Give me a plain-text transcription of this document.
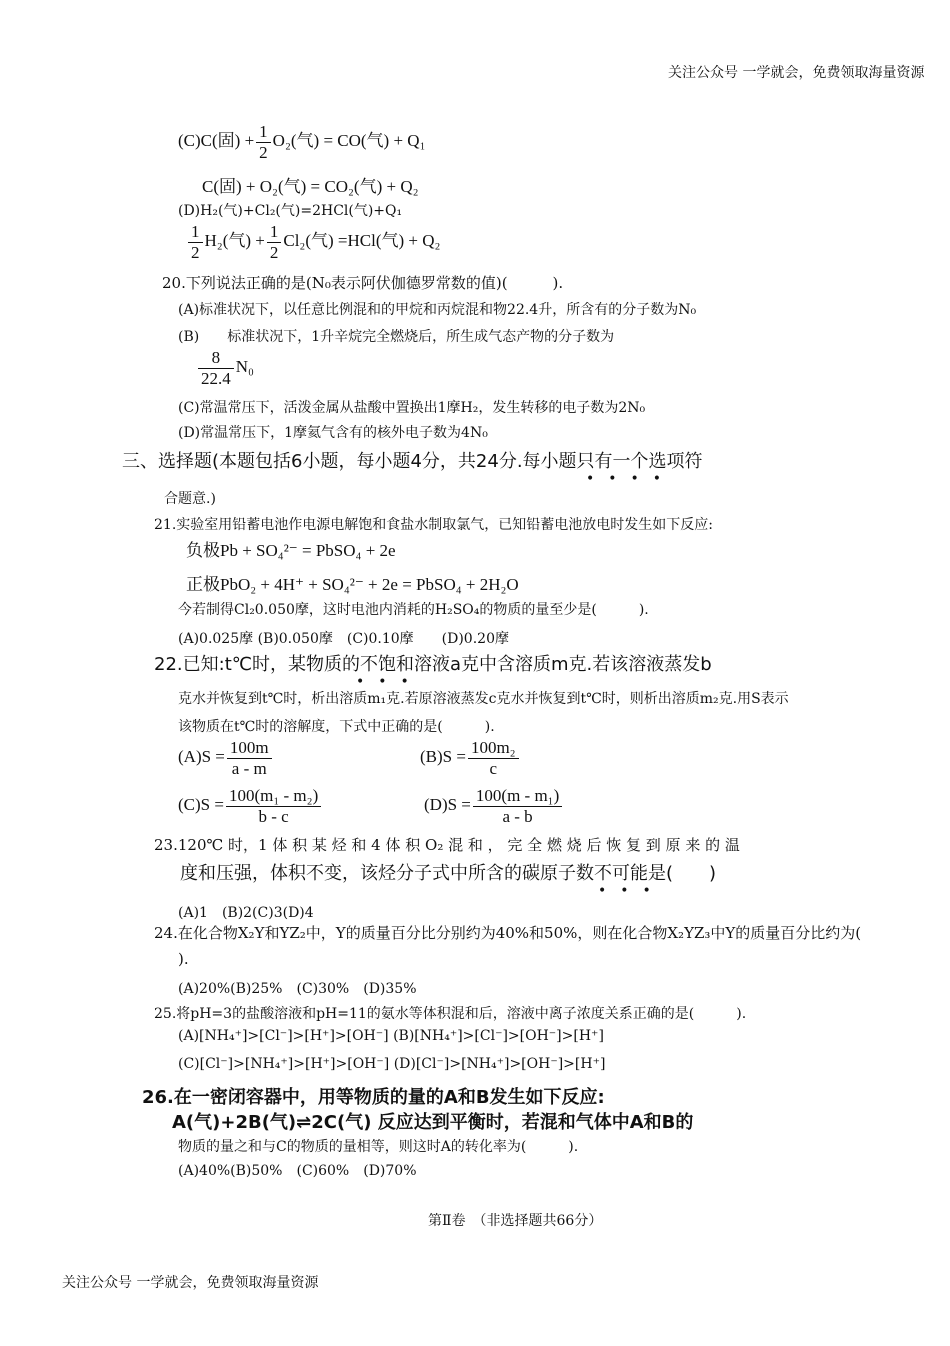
关注公众号 一学就会，免费领取海量资源
(C)C(固) + $\frac{1}{2} O_2$(气) = CO(气) + Q₁
C(固) + O₂(气) = CO₂(气) + Q₂
(D)H₂(气)+Cl₂(气)=2HCl(气)+Q₁
$\frac{1}{2} H_2$(气) + $\frac{1}{2} Cl_2$(气) =HCl(气) + Q₂
20.下列说法正确的是(N₀表示阿伏伽德罗常数的值)(　　　).
(A)标准状况下，以任意比例混和的甲烷和丙烷混和物22.4升，所含有的分子数为N₀
(B)　　标准状况下，1升辛烷完全燃烧后，所生成气态产物的分子数为
$\frac{8}{22.4} N_0$
(C)常温常压下，活泼金属从盐酸中置换出1摩H₂，发生转移的电子数为2N₀
(D)常温常压下，1摩氦气含有的核外电子数为4N₀
三、选择题(本题包括6小题，每小题4分，共24分.每小题只有一个选项符
•　•　•　•
合题意.)
21.实验室用铅蓄电池作电源电解饱和食盐水制取氯气，已知铅蓄电池放电时发生如下反应:
负极Pb + SO₄²⁻ = PbSO₄ + 2e
正极PbO₂ + 4H⁺ + SO₄²⁻ + 2e = PbSO₄ + 2H₂O
今若制得Cl₂0.050摩，这时电池内消耗的H₂SO₄的物质的量至少是(　　　).
(A)0.025摩 (B)0.050摩　(C)0.10摩　　(D)0.20摩
22.已知:t℃时，某物质的不饱和溶液a克中含溶质m克.若该溶液蒸发b
•　•　•
克水并恢复到t℃时，析出溶质m₁克.若原溶液蒸发c克水并恢复到t℃时，则析出溶质m₂克.用S表示
该物质在t℃时的溶解度，下式中正确的是(　　　).
$(A)S = \frac{100m}{a - m}$	$(B)S = \frac{\text{100m₂}}{c}$
$(C)S = \frac{\text{100(m₁ - m₂)}}{b - c}$	$(D)S = \frac{\text{100(m - m₁)}}{a - b}$
23.120℃ 时，1 体 积 某 烃 和 4 体 积 O₂ 混 和 ， 完 全 燃 烧 后 恢 复 到 原 来 的 温
度和压强，体积不变，该烃分子式中所含的碳原子数不可能是(　　)
•　•　•
(A)1　(B)2(C)3(D)4
24.在化合物X₂Y和YZ₂中，Y的质量百分比分别约为40%和50%，则在化合物X₂YZ₃中Y的质量百分比约为(
).
(A)20%(B)25%　(C)30%　(D)35%
25.将pH=3的盐酸溶液和pH=11的氨水等体积混和后，溶液中离子浓度关系正确的是(　　　).
(A)[NH₄⁺]>[Cl⁻]>[H⁺]>[OH⁻] (B)[NH₄⁺]>[Cl⁻]>[OH⁻]>[H⁺]
(C)[Cl⁻]>[NH₄⁺]>[H⁺]>[OH⁻] (D)[Cl⁻]>[NH₄⁺]>[OH⁻]>[H⁺]
26.在一密闭容器中，用等物质的量的A和B发生如下反应:
A(气)+2B(气)⇌2C(气) 反应达到平衡时，若混和气体中A和B的
物质的量之和与C的物质的量相等，则这时A的转化率为(　　　).
(A)40%(B)50%　(C)60%　(D)70%
第Ⅱ卷　（非选择题共66分）
关注公众号 一学就会，免费领取海量资源
